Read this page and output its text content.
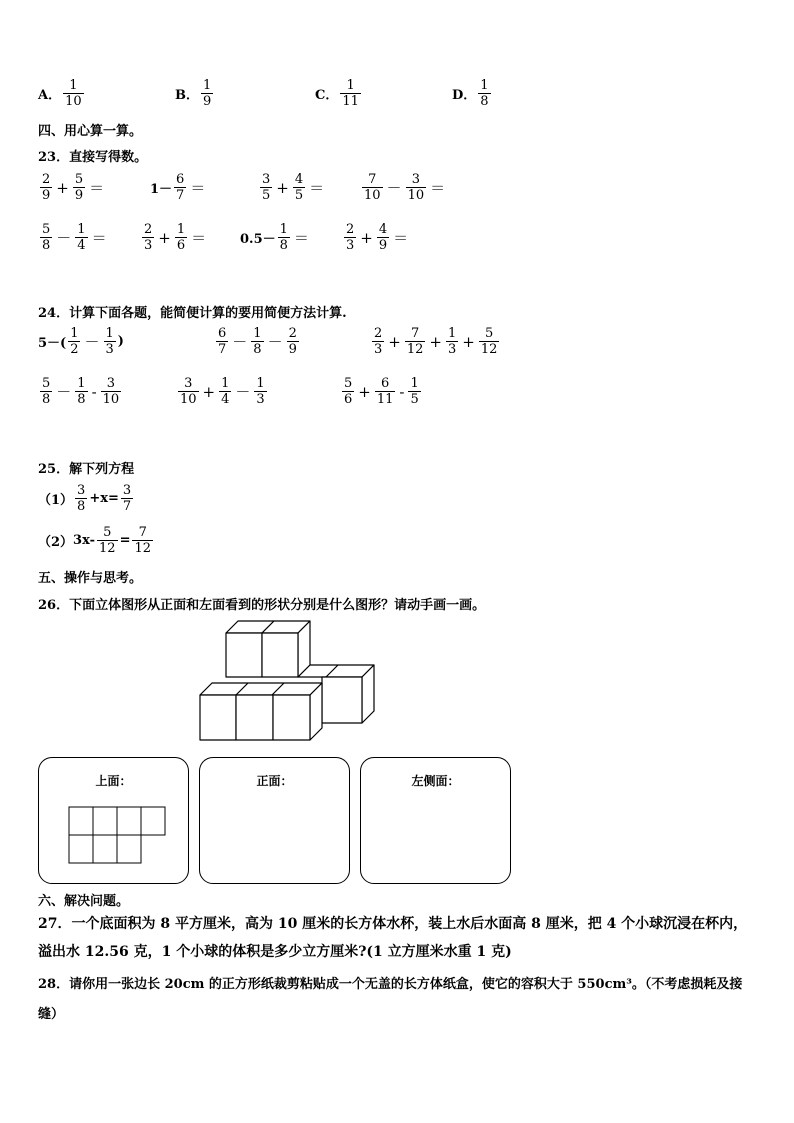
A． $\frac{1}{10}$	B． $\frac{1}{9}$	C． $\frac{1}{11}$	D． $\frac{1}{8}$
四、用心算一算。
23．直接写得数。
$\frac{2}{9} + \frac{5}{9}$ ＝	$1- \frac{6}{7}$ ＝	$\frac{3}{5} + \frac{4}{5}$ ＝	$\frac{7}{10} - \frac{3}{10}$ ＝
$\frac{5}{8} - \frac{1}{4}$ ＝	$\frac{2}{3} + \frac{1}{6}$ ＝	$0.5- \frac{1}{8}$ ＝	$\frac{2}{3} + \frac{4}{9}$ ＝
24．计算下面各题，能简便计算的要用简便方法计算.
$5-( \frac{1}{2} - \frac{1}{3}$ )	$\frac{6}{7} - \frac{1}{8} - \frac{2}{9}$	$\frac{2}{3} + \frac{7}{12} + \frac{1}{3} + \frac{5}{12}$
$\frac{5}{8} - \frac{1}{8} - \frac{3}{10}$	$\frac{3}{10} + \frac{1}{4} - \frac{1}{3}$	$\frac{5}{6} + \frac{6}{11} - \frac{1}{5}$
25．解下列方程
$(1) \frac{3}{8} +x= \frac{3}{7}$
（2） $3x- \frac{5}{12} = \frac{7}{12}$
五、操作与思考。
26．下面立体图形从正面和左面看到的形状分别是什么图形？请动手画一画。
上面：	正面：	左侧面：
六、解决问题。
27．一个底面积为 8 平方厘米，高为 10 厘米的长方体水杯，装上水后水面高 8 厘米，把 4 个小球沉浸在杯内，溢出水 12.56 克，1 个小球的体积是多少立方厘米?(1 立方厘米水重 1 克)
28．请你用一张边长 20cm 的正方形纸裁剪粘贴成一个无盖的长方体纸盒，使它的容积大于 550cm³。（不考虑损耗及接缝）
